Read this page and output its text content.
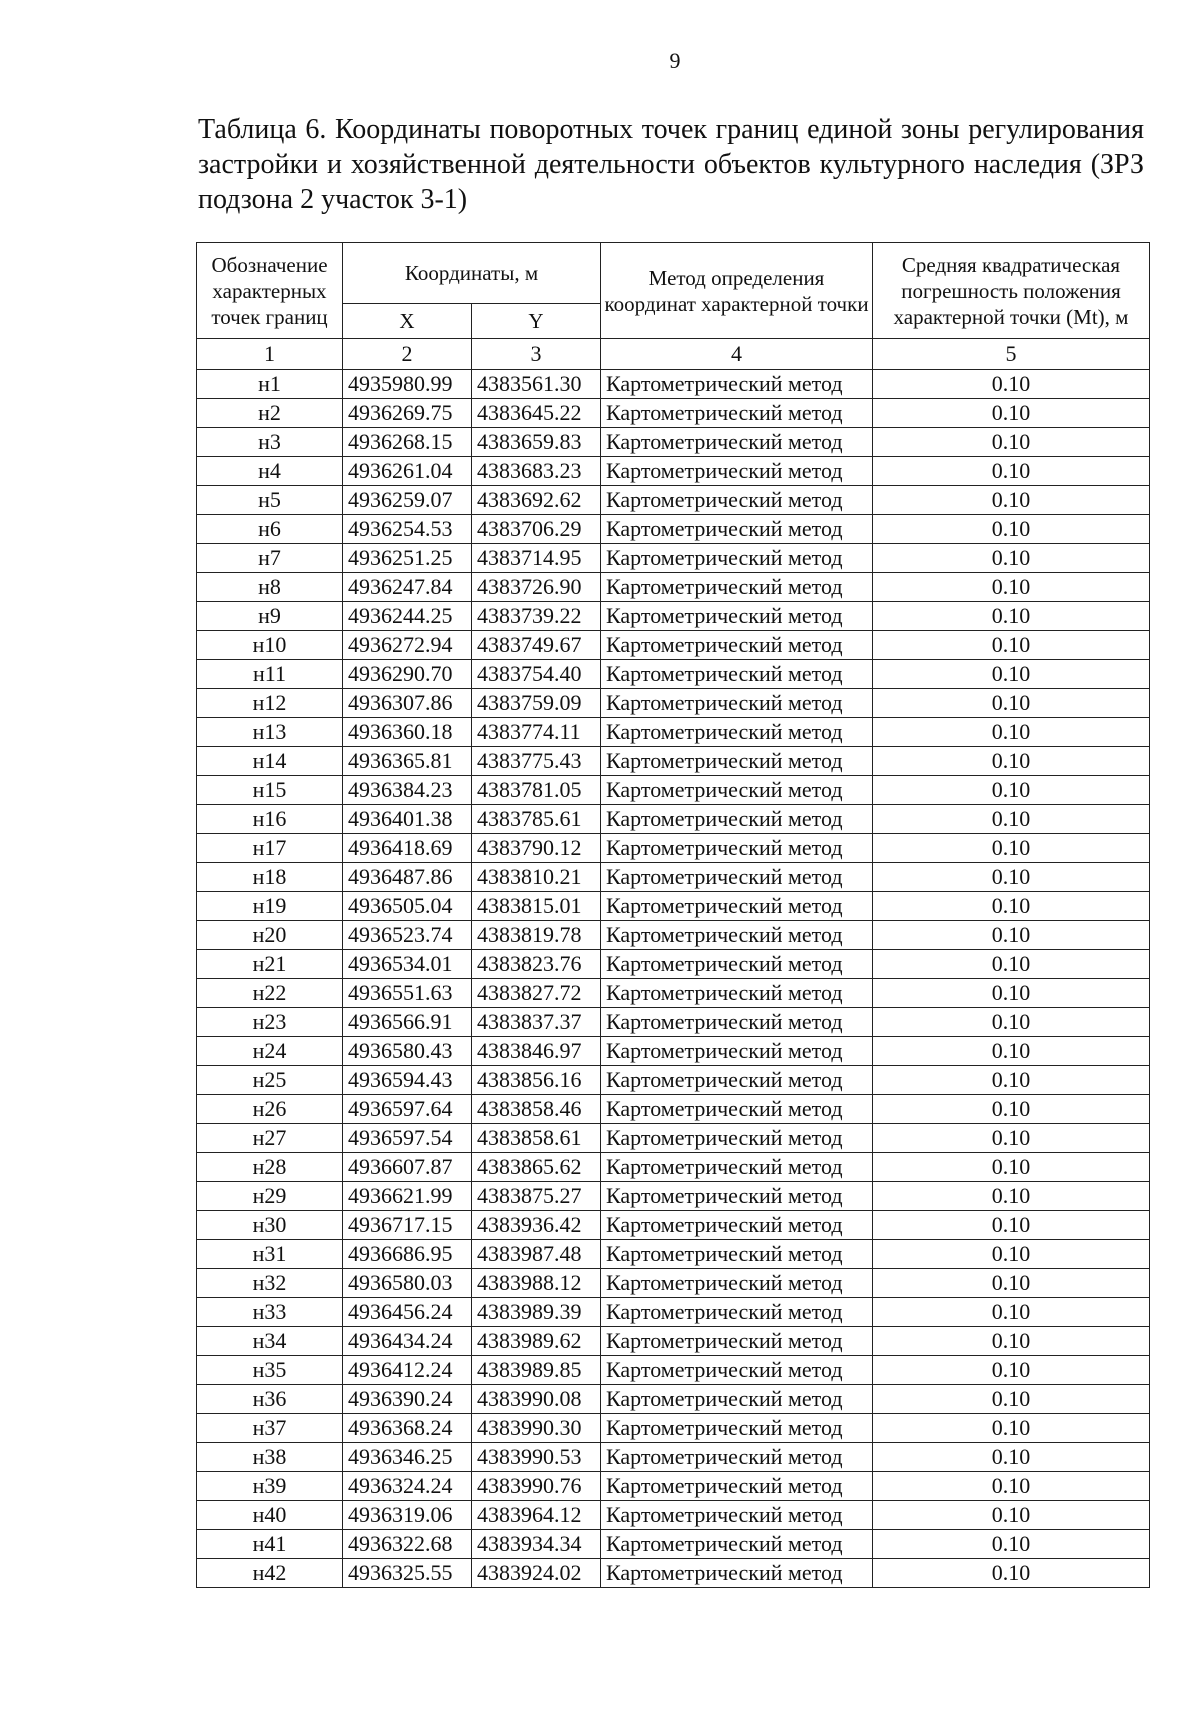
9
Таблица 6. Координаты поворотных точек границ единой зоны регулирования застройки и хозяйственной деятельности объектов культурного наследия (ЗРЗ подзона 2 участок 3-1)
Обозначение характерных точек границ	Координаты, м		Метод определения координат характерной точки	Средняя квадратическая погрешность положения характерной точки (Mt), м
	X	Y		
1	2	3	4	5
н1	4935980.99	4383561.30	Картометрический метод	0.10
н2	4936269.75	4383645.22	Картометрический метод	0.10
н3	4936268.15	4383659.83	Картометрический метод	0.10
н4	4936261.04	4383683.23	Картометрический метод	0.10
н5	4936259.07	4383692.62	Картометрический метод	0.10
н6	4936254.53	4383706.29	Картометрический метод	0.10
н7	4936251.25	4383714.95	Картометрический метод	0.10
н8	4936247.84	4383726.90	Картометрический метод	0.10
н9	4936244.25	4383739.22	Картометрический метод	0.10
н10	4936272.94	4383749.67	Картометрический метод	0.10
н11	4936290.70	4383754.40	Картометрический метод	0.10
н12	4936307.86	4383759.09	Картометрический метод	0.10
н13	4936360.18	4383774.11	Картометрический метод	0.10
н14	4936365.81	4383775.43	Картометрический метод	0.10
н15	4936384.23	4383781.05	Картометрический метод	0.10
н16	4936401.38	4383785.61	Картометрический метод	0.10
н17	4936418.69	4383790.12	Картометрический метод	0.10
н18	4936487.86	4383810.21	Картометрический метод	0.10
н19	4936505.04	4383815.01	Картометрический метод	0.10
н20	4936523.74	4383819.78	Картометрический метод	0.10
н21	4936534.01	4383823.76	Картометрический метод	0.10
н22	4936551.63	4383827.72	Картометрический метод	0.10
н23	4936566.91	4383837.37	Картометрический метод	0.10
н24	4936580.43	4383846.97	Картометрический метод	0.10
н25	4936594.43	4383856.16	Картометрический метод	0.10
н26	4936597.64	4383858.46	Картометрический метод	0.10
н27	4936597.54	4383858.61	Картометрический метод	0.10
н28	4936607.87	4383865.62	Картометрический метод	0.10
н29	4936621.99	4383875.27	Картометрический метод	0.10
н30	4936717.15	4383936.42	Картометрический метод	0.10
н31	4936686.95	4383987.48	Картометрический метод	0.10
н32	4936580.03	4383988.12	Картометрический метод	0.10
н33	4936456.24	4383989.39	Картометрический метод	0.10
н34	4936434.24	4383989.62	Картометрический метод	0.10
н35	4936412.24	4383989.85	Картометрический метод	0.10
н36	4936390.24	4383990.08	Картометрический метод	0.10
н37	4936368.24	4383990.30	Картометрический метод	0.10
н38	4936346.25	4383990.53	Картометрический метод	0.10
н39	4936324.24	4383990.76	Картометрический метод	0.10
н40	4936319.06	4383964.12	Картометрический метод	0.10
н41	4936322.68	4383934.34	Картометрический метод	0.10
н42	4936325.55	4383924.02	Картометрический метод	0.10
